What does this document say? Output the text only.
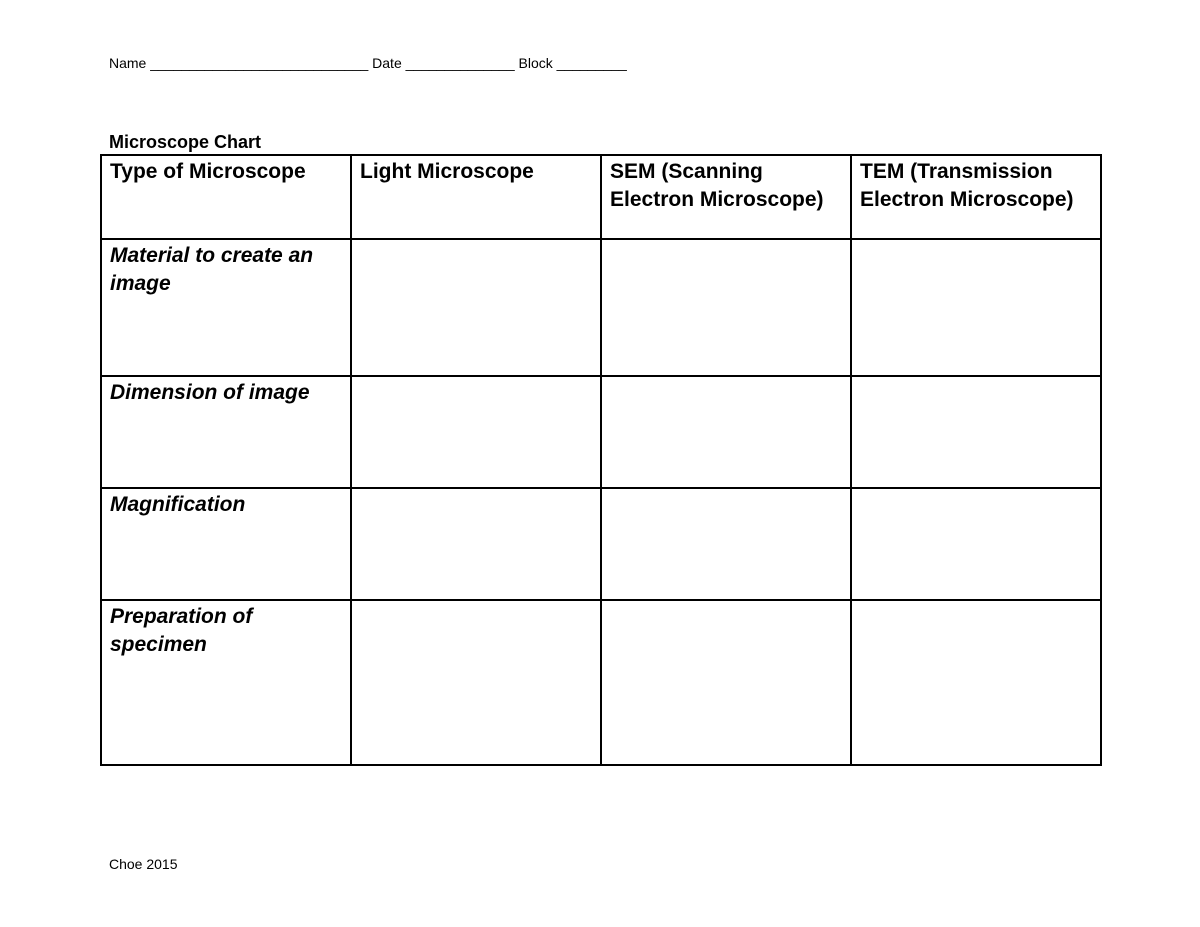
Name ____________________________ Date ______________ Block _________
Microscope Chart
Type of Microscope	Light Microscope	SEM (Scanning Electron Microscope)	TEM (Transmission Electron Microscope)
Material to create an image			
Dimension of image			
Magnification			
Preparation of specimen			
Choe 2015
